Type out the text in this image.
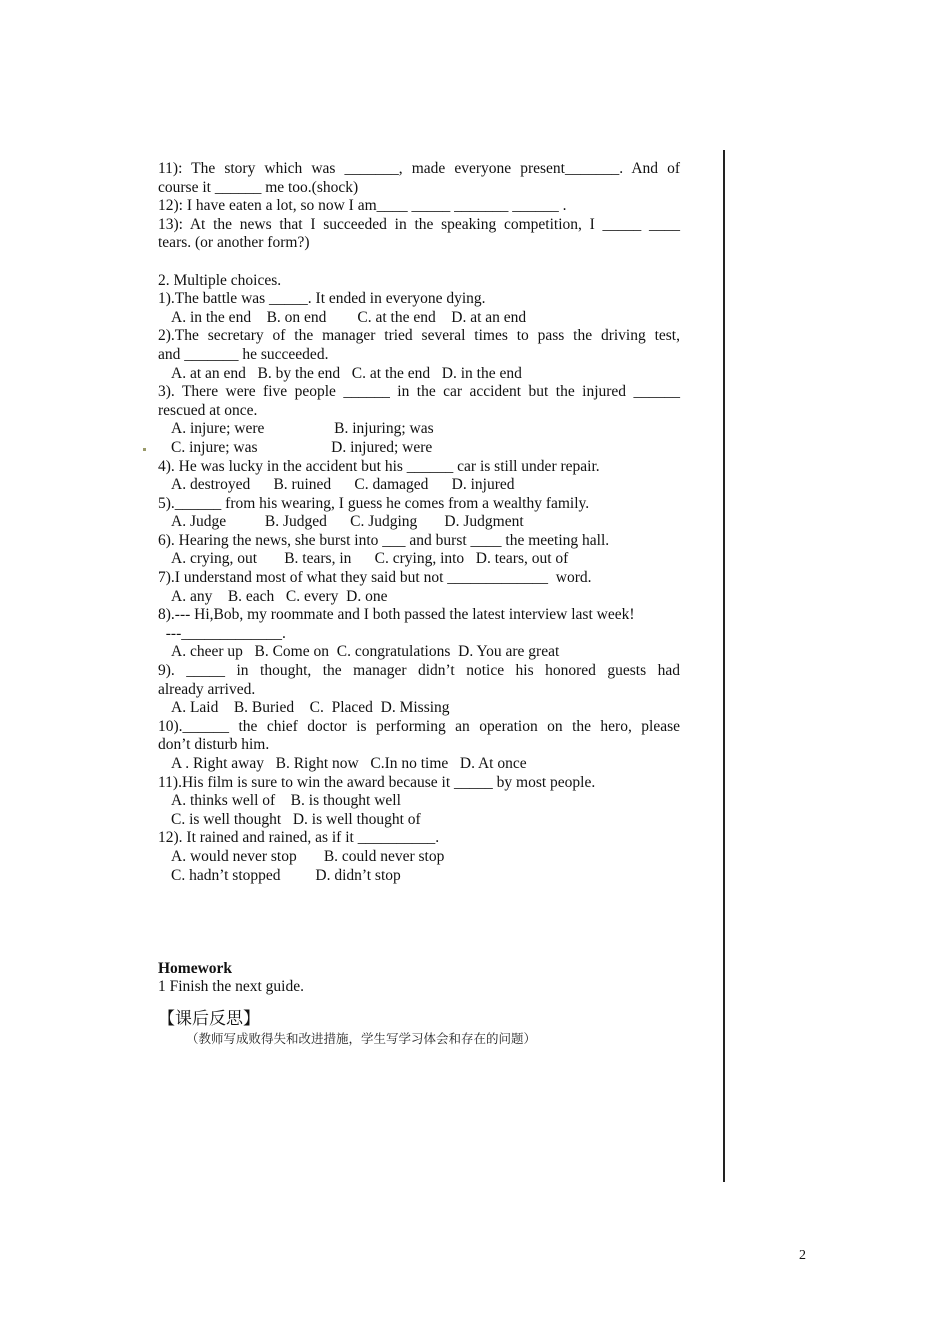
11): The story which was _______, made everyone present_______. And of
course it ______ me too.(shock)
12): I have eaten a lot, so now I am____ _____ _______ ______ .
13): At the news that I succeeded in the speaking competition, I _____ ____
tears. (or another form?)
2. Multiple choices.
1).The battle was _____. It ended in everyone dying.
A. in the end    B. on end        C. at the end    D. at an end
2).The secretary of the manager tried several times to pass the driving test,
and _______ he succeeded.
A. at an end   B. by the end   C. at the end   D. in the end
3). There were five people ______ in the car accident but the injured ______
rescued at once.
A. injure; were                  B. injuring; was
C. injure; was                   D. injured; were
4). He was lucky in the accident but his ______ car is still under repair.
A. destroyed      B. ruined      C. damaged      D. injured
5).______ from his wearing, I guess he comes from a wealthy family.
A. Judge          B. Judged      C. Judging       D. Judgment
6). Hearing the news, she burst into ___ and burst ____ the meeting hall.
A. crying, out       B. tears, in      C. crying, into   D. tears, out of
7).I understand most of what they said but not _____________  word.
A. any    B. each   C. every  D. one
8).--- Hi,Bob, my roommate and I both passed the latest interview last week!
---_____________.
A. cheer up   B. Come on  C. congratulations  D. You are great
9). _____ in thought, the manager didn’t notice his honored guests had
already arrived.
A. Laid    B. Buried    C.  Placed  D. Missing
10).______ the chief doctor is performing an operation on the hero, please
don’t disturb him.
A . Right away   B. Right now   C.In no time   D. At once
11).His film is sure to win the award because it _____ by most people.
A. thinks well of    B. is thought well
C. is well thought   D. is well thought of
12). It rained and rained, as if it __________.
A. would never stop       B. could never stop
C. hadn’t stopped         D. didn’t stop
Homework
1 Finish the next guide.
【课后反思】
（教师写成败得失和改进措施，学生写学习体会和存在的问题）
2
